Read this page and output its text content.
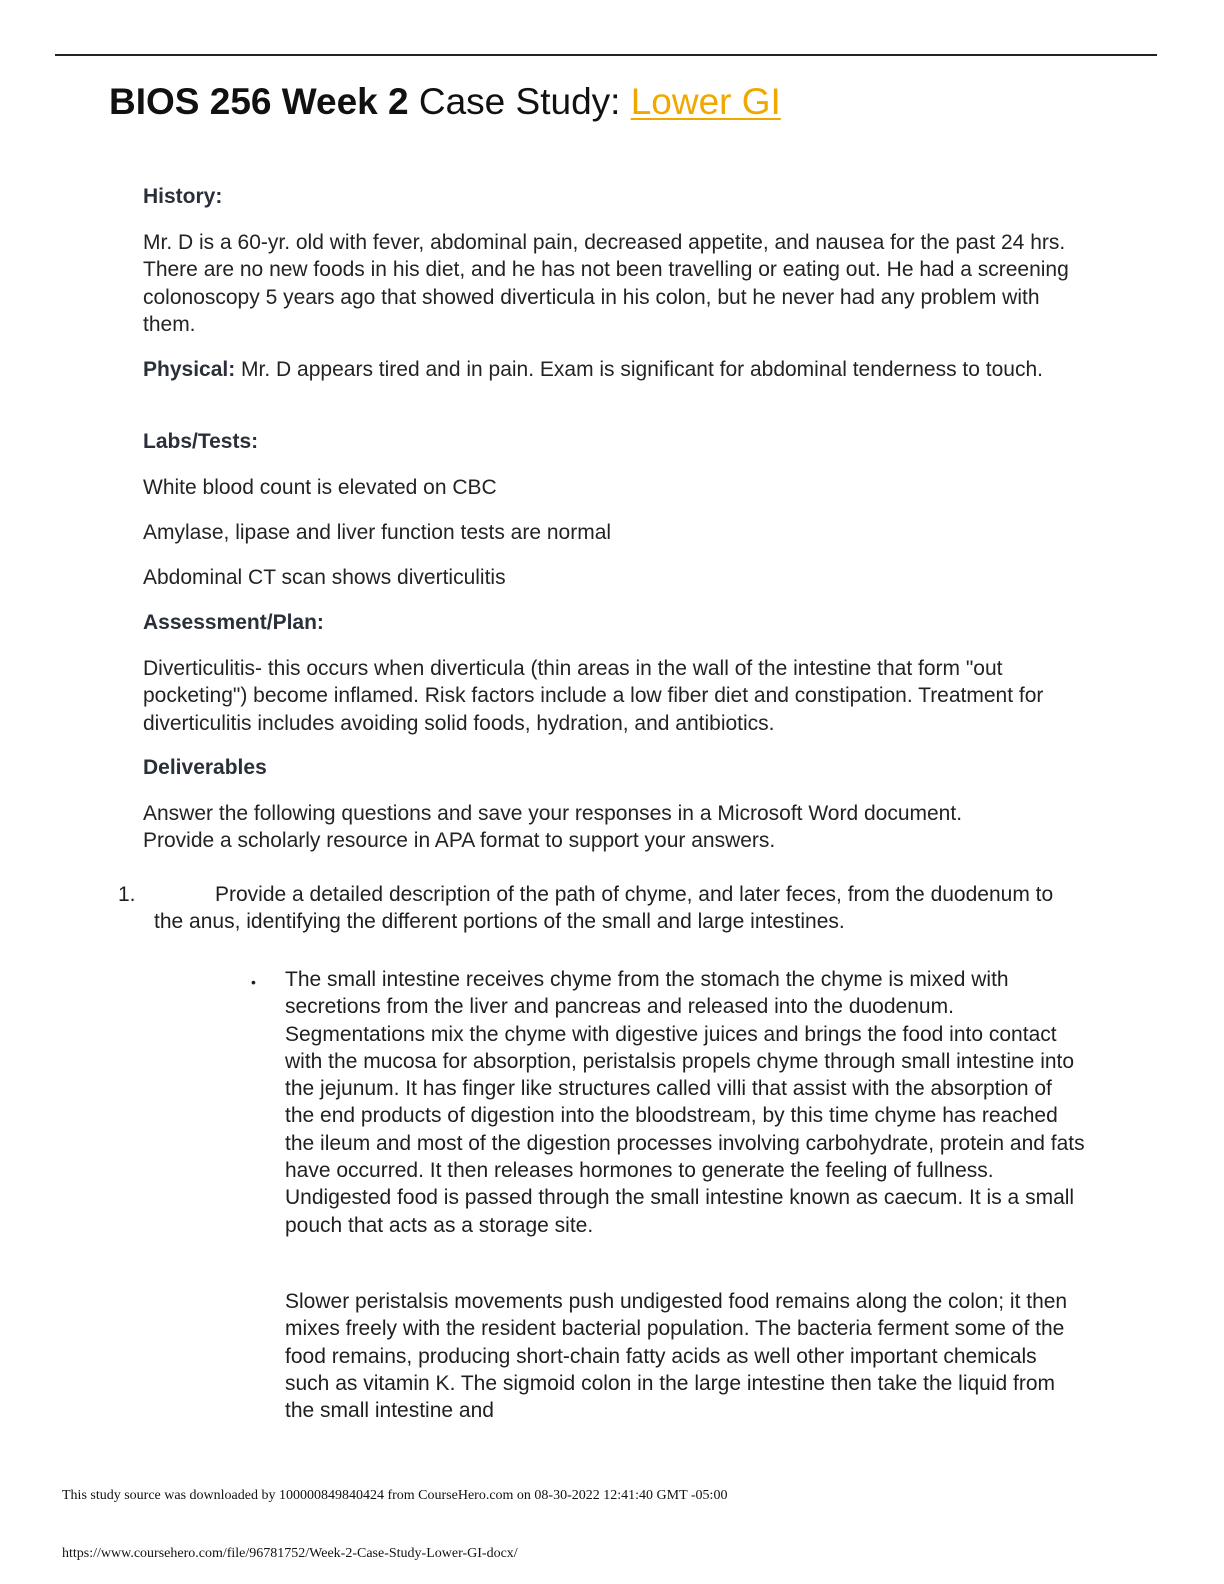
BIOS 256 Week 2 Case Study: Lower GI

History:

Mr. D is a 60-yr. old with fever, abdominal pain, decreased appetite, and nausea for the past 24 hrs. There are no new foods in his diet, and he has not been travelling or eating out. He had a screening colonoscopy 5 years ago that showed diverticula in his colon, but he never had any problem with them.

Physical: Mr. D appears tired and in pain. Exam is significant for abdominal tenderness to touch.

Labs/Tests:

White blood count is elevated on CBC

Amylase, lipase and liver function tests are normal

Abdominal CT scan shows diverticulitis

Assessment/Plan:

Diverticulitis- this occurs when diverticula (thin areas in the wall of the intestine that form "out pocketing") become inflamed. Risk factors include a low fiber diet and constipation. Treatment for diverticulitis includes avoiding solid foods, hydration, and antibiotics.

Deliverables

Answer the following questions and save your responses in a Microsoft Word document. Provide a scholarly resource in APA format to support your answers.

1.	Provide a detailed description of the path of chyme, and later feces, from the duodenum to the anus, identifying the different portions of the small and large intestines.

• The small intestine receives chyme from the stomach the chyme is mixed with secretions from the liver and pancreas and released into the duodenum. Segmentations mix the chyme with digestive juices and brings the food into contact with the mucosa for absorption, peristalsis propels chyme through small intestine into the jejunum. It has finger like structures called villi that assist with the absorption of the end products of digestion into the bloodstream, by this time chyme has reached the ileum and most of the digestion processes involving carbohydrate, protein and fats have occurred. It then releases hormones to generate the feeling of fullness. Undigested food is passed through the small intestine known as caecum. It is a small pouch that acts as a storage site.

Slower peristalsis movements push undigested food remains along the colon; it then mixes freely with the resident bacterial population. The bacteria ferment some of the food remains, producing short-chain fatty acids as well other important chemicals such as vitamin K. The sigmoid colon in the large intestine then take the liquid from the small intestine and

This study source was downloaded by 100000849840424 from CourseHero.com on 08-30-2022 12:41:40 GMT -05:00
https://www.coursehero.com/file/96781752/Week-2-Case-Study-Lower-GI-docx/
